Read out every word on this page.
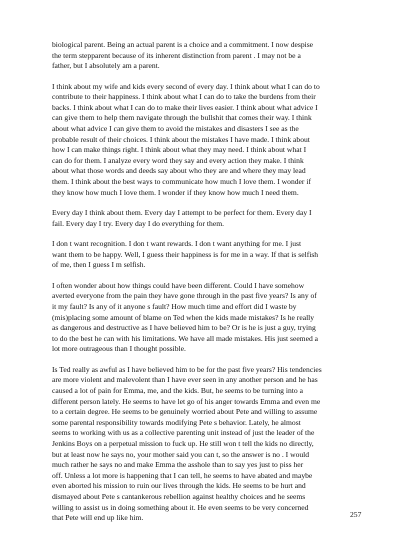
biological parent. Being an actual parent is a choice and a commitment. I now despise
the term stepparent because of its inherent distinction from parent . I may not be a
father, but I absolutely am a parent.

I think about my wife and kids every second of every day. I think about what I can do to
contribute to their happiness. I think about what I can do to take the burdens from their
backs. I think about what I can do to make their lives easier. I think about what advice I
can give them to help them navigate through the bullshit that comes their way. I think
about what advice I can give them to avoid the mistakes and disasters I see as the
probable result of their choices. I think about the mistakes I have made. I think about
how I can make things right. I think about what they may need. I think about what I
can do for them. I analyze every word they say and every action they make. I think
about what those words and deeds say about who they are and where they may lead
them. I think about the best ways to communicate how much I love them. I wonder if
they know how much I love them. I wonder if they know how much I need them.

Every day I think about them. Every day I attempt to be perfect for them. Every day I
fail. Every day I try. Every day I do everything for them.

I don t want recognition. I don t want rewards. I don t want anything for me. I just
want them to be happy. Well, I guess their happiness is for me in a way. If that is selfish
of me, then I guess I m selfish.

I often wonder about how things could have been different. Could I have somehow
averted everyone from the pain they have gone through in the past five years? Is any of
it my fault? Is any of it anyone s fault? How much time and effort did I waste by
(mis)placing some amount of blame on Ted when the kids made mistakes? Is he really
as dangerous and destructive as I have believed him to be? Or is he is just a guy, trying
to do the best he can with his limitations. We have all made mistakes. His just seemed a
lot more outrageous than I thought possible.

Is Ted really as awful as I have believed him to be for the past five years? His tendencies
are more violent and malevolent than I have ever seen in any another person and he has
caused a lot of pain for Emma, me, and the kids. But, he seems to be turning into a
different person lately. He seems to have let go of his anger towards Emma and even me
to a certain degree. He seems to be genuinely worried about Pete and willing to assume
some parental responsibility towards modifying Pete s behavior. Lately, he almost
seems to working with us as a collective parenting unit instead of just the leader of the
Jenkins Boys on a perpetual mission to fuck up. He still won t tell the kids no directly,
but at least now he says no, your mother said you can t, so the answer is no . I would
much rather he says no and make Emma the asshole than to say yes just to piss her
off. Unless a lot more is happening that I can tell, he seems to have abated and maybe
even aborted his mission to ruin our lives through the kids. He seems to be hurt and
dismayed about Pete s cantankerous rebellion against healthy choices and he seems
willing to assist us in doing something about it. He even seems to be very concerned
that Pete will end up like him.	257
